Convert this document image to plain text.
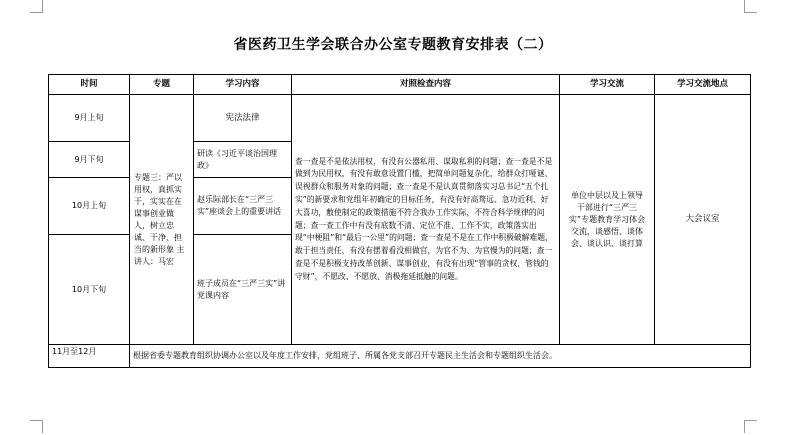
省医药卫生学会联合办公室专题教育安排表（二）
时间	专题	学习内容	对照检查内容	学习交流	学习交流地点
9月上旬	专题三：严以用权，真抓实干，实实在在谋事创业做人，树立忠诚、干净、担当的新形象 主讲人：马宏	宪法法律	查一查是不是依法用权，有没有公器私用、谋取私利的问题；查一查是不是做到为民用权，有没有敢意设置门槛，把简单问题复杂化，给群众打哑谜、误视群众和服务对象的问题；查一查是不是认真贯彻落实习总书记“五个扎实”的新要求和党组年初确定的目标任务，有没有好高骛远、急功近利、好大喜功，敷使制定的政策措施不符合我办工作实际，不符合科学规律的问题；查一查工作中有没有底数不清、定位不准、工作不实，政策落实出现“中梗阻”和“最后一公里”的问题；查一查是不是在工作中积极破解难题，敢于担当责任，有没有摆着看没相做官，为官不为、为官慢为的问题；查一查是不是积极支持改革创新、谋事创业，有没有出现“管事的贪权，管钱的守财”，不愿改、不愿放、消极拖延抵触的问题。	单位中层以及上领导干部进行“三严三实”专题教育学习体会交流，谈感悟、谈体会、谈认识、谈打算	大会议室
9月下旬		研读《习近平谈治国理政》			
10月上旬		赵乐际部长在“三严三实”座谈会上的重要讲话			
10月下旬		班子成员在“三严三实”讲党课内容			
11月至12月	根据省委专题教育组织协调办公室以及年度工作安排，党组班子、所属各党支部召开专题民主生活会和专题组织生活会。				
